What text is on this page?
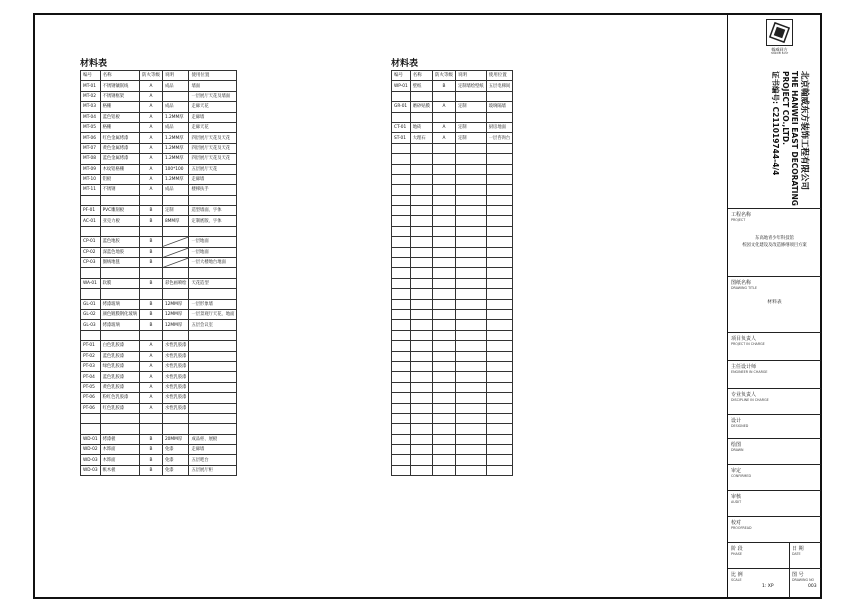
材料表
编号	名称	防火等级	说明	使用位置
MT-01	不锈钢镶嵌线	A	成品	墙面
MT-02	不锈钢框架	A		一层展厅天花及墙面
MT-03	格栅	A	成品	走廊天花
MT-04	蓝色铝板	A	1.2MM厚	走廊墙
MT-05	格栅	A	成品	走廊天花
MT-06	红色金属烤漆	A	1.2MM厚	四层展厅天花及天花
MT-07	黄色金属烤漆	A	1.2MM厚	四层展厅天花及天花
MT-08	蓝色金属烤漆	A	1.2MM厚	四层展厅天花及天花
MT-09	木纹铝格栅	A	100*100	五层展厅天花
MT-10	铝板	A	1.2MM厚	走廊墙
MT-11	不锈钢	A	成品	楼梯扶手

PF-01	PVC雕刻板	B	定制	造型墙面、字体
AC-01	亚克力板	B	8MM厚	定制底版、字体

CP-01	蓝色地胶	B		一层地面
CP-02	深蓝色地胶	B		一层地面
CP-03	圈绒地毯	B		一层大楼地台地面

WA-01	软膜	B	彩色画喷绘	天花造型

GL-01	烤漆玻璃	B	12MM厚	一层形象墙
GL-02	颜色镀膜钢化玻璃	B	12MM厚	一层景观厅天花、地面
GL-03	烤漆玻璃	B	12MM厚	五层会议室

PT-01	白色乳胶漆	A	水性乳胶漆	
PT-02	蓝色乳胶漆	A	水性乳胶漆	
PT-03	绿色乳胶漆	A	水性乳胶漆	
PT-04	蓝色乳胶漆	A	水性乳胶漆	
PT-05	黄色乳胶漆	A	水性乳胶漆	
PT-06	粉红色乳胶漆	A	水性乳胶漆	
PT-06	红色乳胶漆	A	水性乳胶漆	

WD-01	烤漆板	B	20MM厚	成品柜、展板
WD-02	木饰面	B	免漆	走廊墙
WD-03	木饰面	B	免漆	五层吧台
WD-03	帐木板	B	免漆	五层展厅柜
材料表
编号	名称	防火等级	说明	使用位置
WP-01	壁纸	B	定制墙绘壁纸	五层电梯间

GR-01	磨砂贴膜	A	定制	玻璃隔墙

CT-01	地砖	A	定制	厨房地面
ST-01	大理石	A	定制	一层咨询台

翰威同方
HANWEI EAST
北京翰威东方装饰工程有限公司
THE HANWEI EAST DECORATING
PROJECT CO.,LTD.
证书编号: C211019744-4/4
工程名称
PROJECT
东高地青少年科技馆
校园文化建设及改造修缮项目方案
图纸名称
DRAWING TITLE
材料表
项目负责人
PROJECT IN CHARGE
主任设计师
ENGINEER IN CHARGE
专业负责人
DISCIPLINE IN CHARGE
设计
DESIGNED
绘图
DRAWN
审定
CONFIRMED
审核
AUDIT
校对
PROOFREAD
阶 段
PHASE
日 期
DATE
比 例
SCALE
1: XP
图 号
DRAWING NO
003
